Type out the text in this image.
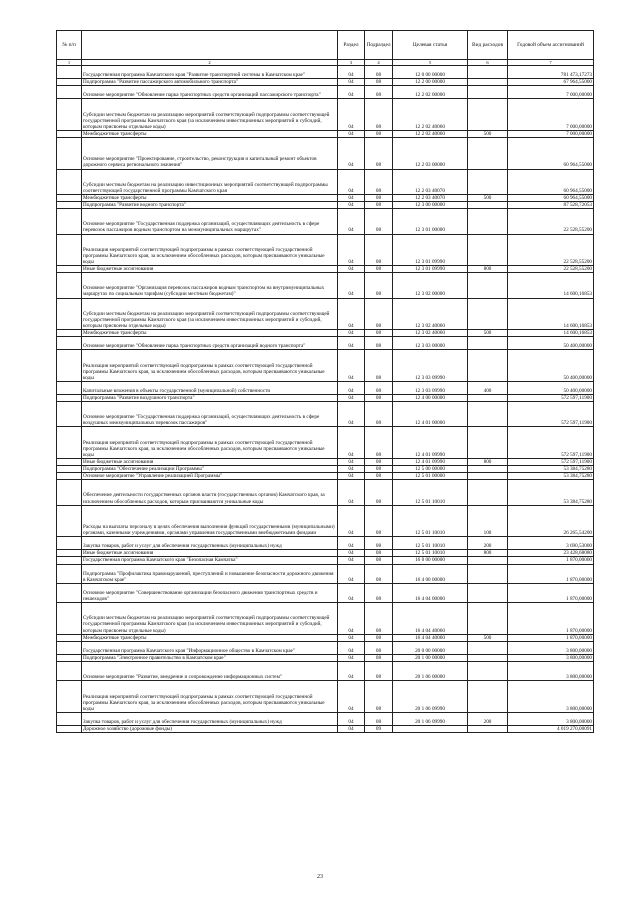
№ п/п		Раздел	Подраздел	Целевая статья	Вид расходов	Годовой объем ассигнований
1	2	3	4	5	6	7
	Государственная программа Камчатского края "Развитие транспортной системы в Камчатском крае"	04	08	12 0 00 00000		781 473,17273
	Подпрограмма "Развитие пассажирского автомобильного транспорта"	04	08	12 2 00 00000		67 964,55000
	Основное мероприятие "Обновление парка транспортных средств организаций пассажирского транспорта"	04	08	12 2 02 00000		7 000,00000
	Субсидии местным бюджетам на реализацию мероприятий соответствующей подпрограммы соответствующей государственной программы Камчатского края (за исключением инвестиционных мероприятий и субсидий, которым присвоены отдельные коды)	04	08	12 2 02 40060		7 000,00000
	Межбюджетные трансферты	04	08	12 2 02 40060	500	7 000,00000
	Основное мероприятие "Проектирование, строительство, реконструкция и капитальный ремонт объектов дорожного сервиса регионального значения"	04	08	12 2 03 00000		60 964,55000
	Субсидии местным бюджетам на реализацию инвестиционных мероприятий соответствующей подпрограммы соответствующей государственной программы Камчатского края	04	08	12 2 03 40070		60 964,55000
	Межбюджетные трансферты	04	08	12 2 03 40070	500	60 964,55000
	Подпрограмма "Развитие водного транспорта"	04	08	12 3 00 00000		87 528,72053
	Основное мероприятие "Государственная поддержка организаций, осуществляющих деятельность в сфере перевозок пассажиров водным транспортом на межмуниципальных маршрутах"	04	08	12 3 01 00000		22 528,55200
	Реализация мероприятий соответствующей подпрограммы в рамках соответствующей государственной программы Камчатского края, за исключением обособленных расходов, которым присваиваются уникальные коды	04	08	12 3 01 09990		22 528,55200
	Иные бюджетные ассигнования	04	08	12 3 01 09990	800	22 528,55200
	Основное мероприятие "Организация перевозок пассажиров водным транспортом на внутримуниципальных маршрутах по социальным тарифам (субсидии местным бюджетам)"	04	08	12 3 02 00000		14 600,16853
	Субсидии местным бюджетам на реализацию мероприятий соответствующей подпрограммы соответствующей государственной программы Камчатского края (за исключением инвестиционных мероприятий и субсидий, которым присвоены отдельные коды)	04	08	12 3 02 40060		14 600,16853
	Межбюджетные трансферты	04	08	12 3 02 40060	500	14 600,16853
	Основное мероприятие "Обновление парка транспортных средств организаций водного транспорта"	04	08	12 3 03 00000		50 400,00000
	Реализация мероприятий соответствующей подпрограммы в рамках соответствующей государственной программы Камчатского края, за исключением обособленных расходов, которым присваиваются уникальные коды	04	08	12 3 03 09990		50 400,00000
	Капитальные вложения в объекты государственной (муниципальной) собственности	04	08	12 3 03 09990	400	50 400,00000
	Подпрограмма "Развитие воздушного транспорта"	04	08	12 4 00 00000		572 597,11900
	Основное мероприятие "Государственная поддержка организаций, осуществляющих деятельность в сфере воздушных межмуниципальных перевозок пассажиров"	04	08	12 4 01 00000		572 597,11900
	Реализация мероприятий соответствующей подпрограммы в рамках соответствующей государственной программы Камчатского края, за исключением обособленных расходов, которым присваиваются уникальные коды	04	08	12 4 01 09990		572 597,11900
	Иные бюджетные ассигнования	04	08	12 4 01 09990	800	572 597,11900
	Подпрограмма "Обеспечение реализации Программы"	04	08	12 5 00 00000		53 384,75280
	Основное мероприятие "Управление реализацией Программы"	04	08	12 5 01 00000		53 384,75280
	Обеспечение деятельности государственных органов власти (государственных органов) Камчатского края, за исключением обособленных расходов, которым присваиваются уникальные коды	04	08	12 5 01 10010		53 384,75280
	Расходы на выплаты персоналу в целях обеспечения выполнения функций государственными (муниципальными) органами, казенными учреждениями, органами управления государственными внебюджетными фондами	04	08	12 5 01 10010	100	26 265,54200
	Закупка товаров, работ и услуг для обеспечения государственных (муниципальных) нужд	04	08	12 5 01 10010	200	3 690,53000
	Иные бюджетные ассигнования	04	08	12 5 01 10010	800	23 428,68080
	Государственная программа Камчатского края "Безопасная Камчатка"	04	08	16 0 00 00000		1 870,00000
	Подпрограмма "Профилактика правонарушений, преступлений и повышение безопасности дорожного движения в Камчатском крае"	04	08	16 4 00 00000		1 870,00000
	Основное мероприятие "Совершенствование организации безопасного движения транспортных средств и пешеходов"	04	08	16 4 04 00000		1 870,00000
	Субсидии местным бюджетам на реализацию мероприятий соответствующей подпрограммы соответствующей государственной программы Камчатского края (за исключением инвестиционных мероприятий и субсидий, которым присвоены отдельные коды)	04	08	16 4 04 40060		1 870,00000
	Межбюджетные трансферты	04	08	16 4 04 40060	500	1 870,00000
	Государственная программа Камчатского края "Информационное общество в Камчатском крае"	04	08	20 0 00 00000		3 800,00000
	Подпрограмма "Электронное правительство в Камчатском крае"	04	08	20 1 00 00000		3 800,00000
	Основное мероприятие "Развитие, внедрение и сопровождение информационных систем"	04	08	20 1 06 00000		3 800,00000
	Реализация мероприятий соответствующей подпрограммы в рамках соответствующей государственной программы Камчатского края, за исключением обособленных расходов, которым присваиваются уникальные коды	04	08	20 1 06 09990		3 800,00000
	Закупка товаров, работ и услуг для обеспечения государственных (муниципальных) нужд	04	08	20 1 06 09990	200	3 800,00000
	Дорожное хозяйство (дорожные фонды)	04	09			4 019 270,00091
23
